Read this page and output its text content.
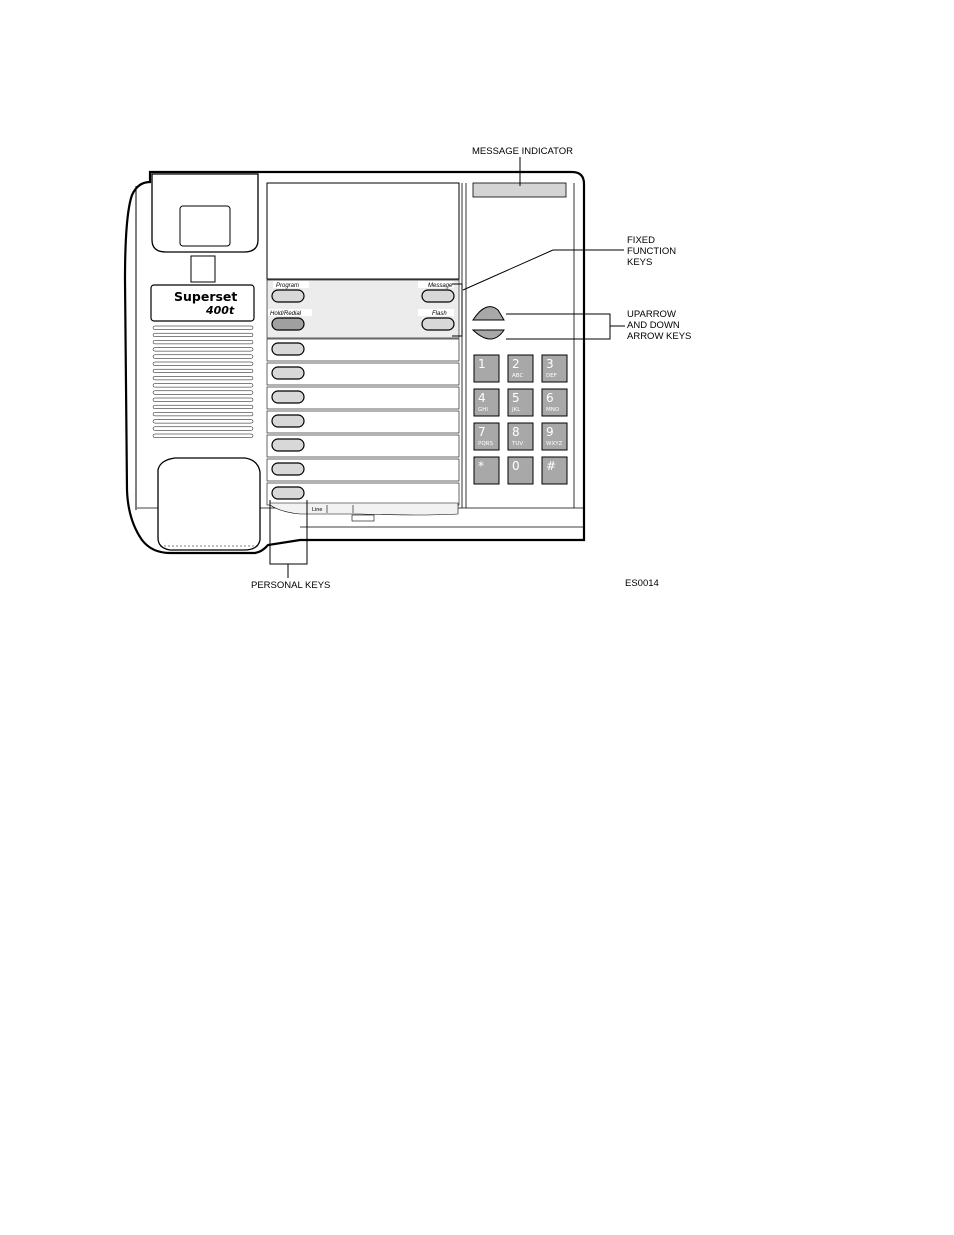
Superset
400t
Program	Message
Hold/Redial	Flash
Line
1 2
ABC
3
DEF
4
GHI
5
JKL
6
MNO
7
PQRS
8
TUV
9
WXYZ
* 0 #
MESSAGE INDICATOR
FIXED
FUNCTION
KEYS
UPARROW
AND DOWN
ARROW KEYS
PERSONAL KEYS	ES0014
